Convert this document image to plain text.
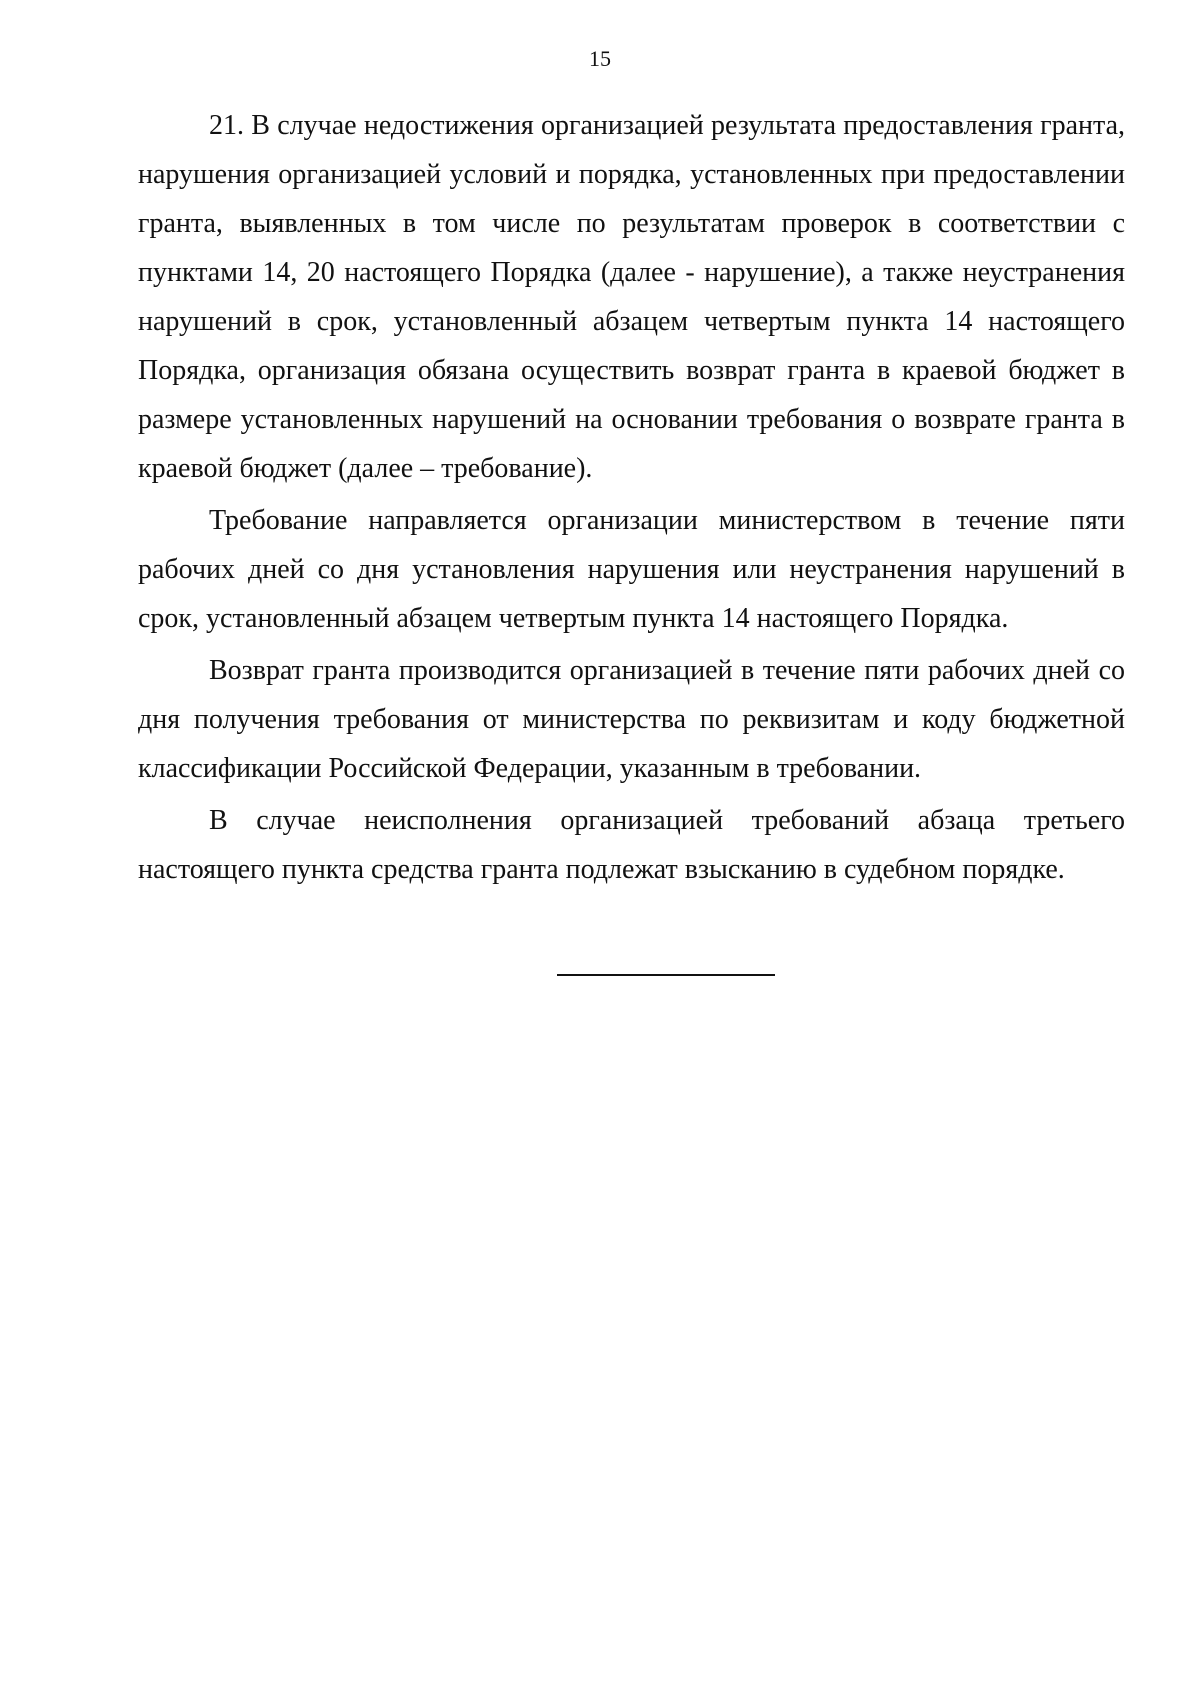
15

21. В случае недостижения организацией результата предоставления гранта, нарушения организацией условий и порядка, установленных при предоставлении гранта, выявленных в том числе по результатам проверок в соответствии с пунктами 14, 20 настоящего Порядка (далее - нарушение), а также неустранения нарушений в срок, установленный абзацем четвертым пункта 14 настоящего Порядка, организация обязана осуществить возврат гранта в краевой бюджет в размере установленных нарушений на основании требования о возврате гранта в краевой бюджет (далее – требование).

Требование направляется организации министерством в течение пяти рабочих дней со дня установления нарушения или неустранения нарушений в срок, установленный абзацем четвертым пункта 14 настоящего Порядка.

Возврат гранта производится организацией в течение пяти рабочих дней со дня получения требования от министерства по реквизитам и коду бюджетной классификации Российской Федерации, указанным в требовании.

В случае неисполнения организацией требований абзаца третьего настоящего пункта средства гранта подлежат взысканию в судебном порядке.
